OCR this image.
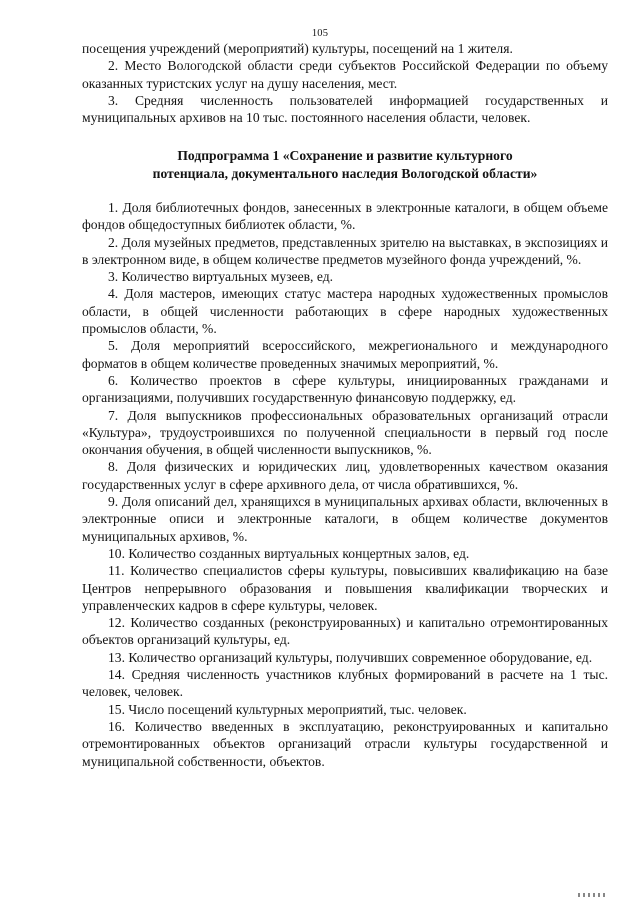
105

посещения учреждений (мероприятий) культуры, посещений на 1 жителя.

2. Место Вологодской области среди субъектов Российской Федерации по объему оказанных туристских услуг на душу населения, мест.

3. Средняя численность пользователей информацией государственных и муниципальных архивов на 10 тыс. постоянного населения области, человек.

Подпрограмма 1 «Сохранение и развитие культурного
потенциала, документального наследия Вологодской области»

1. Доля библиотечных фондов, занесенных в электронные каталоги, в общем объеме фондов общедоступных библиотек области, %.

2. Доля музейных предметов, представленных зрителю на выставках, в экспозициях и в электронном виде, в общем количестве предметов музейного фонда учреждений, %.

3. Количество виртуальных музеев, ед.

4. Доля мастеров, имеющих статус мастера народных художественных промыслов области, в общей численности работающих в сфере народных художественных промыслов области, %.

5. Доля мероприятий всероссийского, межрегионального и международного форматов в общем количестве проведенных значимых мероприятий, %.

6. Количество проектов в сфере культуры, инициированных гражданами и организациями, получивших государственную финансовую поддержку, ед.

7. Доля выпускников профессиональных образовательных организаций отрасли «Культура», трудоустроившихся по полученной специальности в первый год после окончания обучения, в общей численности выпускников, %.

8. Доля физических и юридических лиц, удовлетворенных качеством оказания государственных услуг в сфере архивного дела, от числа обратившихся, %.

9. Доля описаний дел, хранящихся в муниципальных архивах области, включенных в электронные описи и электронные каталоги, в общем количестве документов муниципальных архивов, %.

10. Количество созданных виртуальных концертных залов, ед.

11. Количество специалистов сферы культуры, повысивших квалификацию на базе Центров непрерывного образования и повышения квалификации творческих и управленческих кадров в сфере культуры, человек.

12. Количество созданных (реконструированных) и капитально отремонтированных объектов организаций культуры, ед.

13. Количество организаций культуры, получивших современное оборудование, ед.

14. Средняя численность участников клубных формирований в расчете на 1 тыс. человек, человек.

15. Число посещений культурных мероприятий, тыс. человек.

16. Количество введенных в эксплуатацию, реконструированных и капитально отремонтированных объектов организаций отрасли культуры государственной и муниципальной собственности, объектов.
